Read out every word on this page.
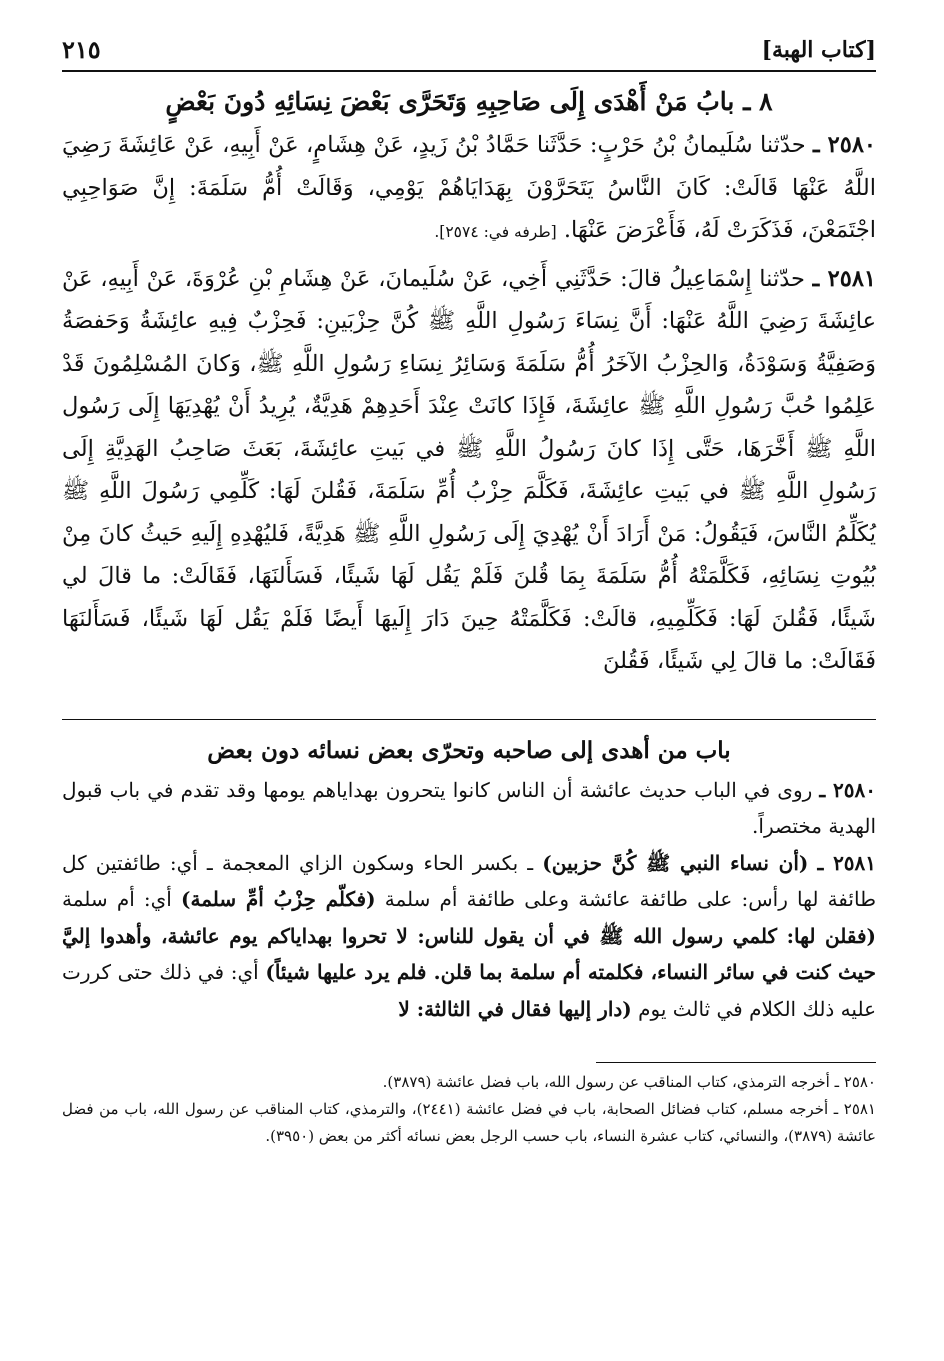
[كتاب الهبة]
٢١٥
٨ ـ بابُ مَنْ أَهْدَى إِلَى صَاحِبِهِ وَتَحَرَّى بَعْضَ نِسَائِهِ دُونَ بَعْضٍ

٢٥٨٠ ـ حدّثنا سُلَيمانُ بْنُ حَرْبٍ: حَدَّثَنا حَمَّادُ بْنُ زَيدٍ، عَنْ هِشَامٍ، عَنْ أَبِيهِ، عَنْ عَائِشَةَ رَضِيَ اللَّهُ عَنْهَا قَالَتْ: كَانَ النَّاسُ يَتَحَرَّوْنَ بِهَدَايَاهُمْ يَوْمِي، وَقَالَتْ أُمُّ سَلَمَةَ: إِنَّ صَوَاحِبِي اجْتَمَعْنَ، فَذَكَرَتْ لَهُ، فَأَعْرَضَ عَنْهَا. [طرفه في: ٢٥٧٤].

٢٥٨١ ـ حدّثنا إِسْمَاعِيلُ قالَ: حَدَّثَنِي أَخِي، عَنْ سُلَيمانَ، عَنْ هِشَامِ بْنِ عُرْوَةَ، عَنْ أَبِيهِ، عَنْ عائِشَةَ رَضِيَ اللَّهُ عَنْهَا: أَنَّ نِسَاءَ رَسُولِ اللَّهِ ﷺ كُنَّ حِزْبَينِ: فَحِزْبٌ فِيهِ عائِشَةُ وَحَفصَةُ وَصَفِيَّةُ وَسَوْدَةُ، وَالحِزْبُ الآخَرُ أُمُّ سَلَمَةَ وَسَائِرُ نِسَاءِ رَسُولِ اللَّهِ ﷺ، وَكانَ المُسْلِمُونَ قَدْ عَلِمُوا حُبَّ رَسُولِ اللَّهِ ﷺ عائِشَةَ، فَإِذَا كانَتْ عِنْدَ أَحَدِهِمْ هَدِيَّةٌ، يُرِيدُ أَنْ يُهْدِيَهَا إِلَى رَسُول اللَّهِ ﷺ أَخَّرَهَا، حَتَّى إِذَا كانَ رَسُولُ اللَّهِ ﷺ في بَيتِ عائِشَةَ، بَعَثَ صَاحِبُ الهَدِيَّةِ إِلَى رَسُولِ اللَّهِ ﷺ في بَيتِ عائِشَةَ، فَكَلَّمَ حِزْبُ أُمِّ سَلَمَةَ، فَقُلنَ لَهَا: كَلِّمِي رَسُولَ اللَّهِ ﷺ يُكَلِّمُ النَّاسَ، فَيَقُولُ: مَنْ أَرَادَ أَنْ يُهْدِيَ إِلَى رَسُولِ اللَّهِ ﷺ هَدِيَّةً، فَليُهْدِهِ إِلَيهِ حَيثُ كانَ مِنْ بُيُوتِ نِسَائِهِ، فَكَلَّمَتْهُ أُمُّ سَلَمَةَ بِمَا قُلنَ فَلَمْ يَقُل لَهَا شَيئًا، فَسَأَلنَهَا، فَقَالَتْ: ما قالَ لي شَيئًا، فَقُلنَ لَهَا: فَكَلِّمِيهِ، قالَتْ: فَكَلَّمَتْهُ حِينَ دَارَ إِلَيهَا أَيضًا فَلَمْ يَقُل لَهَا شَيئًا، فَسَأَلنَهَا فَقَالَتْ: ما قالَ لِي شَيئًا، فَقُلنَ

باب من أهدى إلى صاحبه وتحرّى بعض نسائه دون بعض

٢٥٨٠ ـ روى في الباب حديث عائشة أن الناس كانوا يتحرون بهداياهم يومها وقد تقدم في باب قبول الهدية مختصراً.

٢٥٨١ ـ (أن نساء النبي ﷺ كُنَّ حزبين) ـ بكسر الحاء وسكون الزاي المعجمة ـ أي: طائفتين كل طائفة لها رأس: على طائفة عائشة وعلى طائفة أم سلمة (فكلّم حِزْبُ أمِّ سلمة) أي: أم سلمة (فقلن لها: كلمي رسول الله ﷺ في أن يقول للناس: لا تحروا بهداياكم يوم عائشة، وأهدوا إليَّ حيث كنت في سائر النساء، فكلمته أم سلمة بما قلن. فلم يرد عليها شيئاً) أي: في ذلك حتى كررت عليه ذلك الكلام في ثالث يوم (دار إليها فقال في الثالثة: لا

٢٥٨٠ ـ أخرجه الترمذي، كتاب المناقب عن رسول الله، باب فضل عائشة (٣٨٧٩).

٢٥٨١ ـ أخرجه مسلم، كتاب فضائل الصحابة، باب في فضل عائشة (٢٤٤١)، والترمذي، كتاب المناقب عن رسول الله، باب من فضل عائشة (٣٨٧٩)، والنسائي، كتاب عشرة النساء، باب حسب الرجل بعض نسائه أكثر من بعض (٣٩٥٠).
